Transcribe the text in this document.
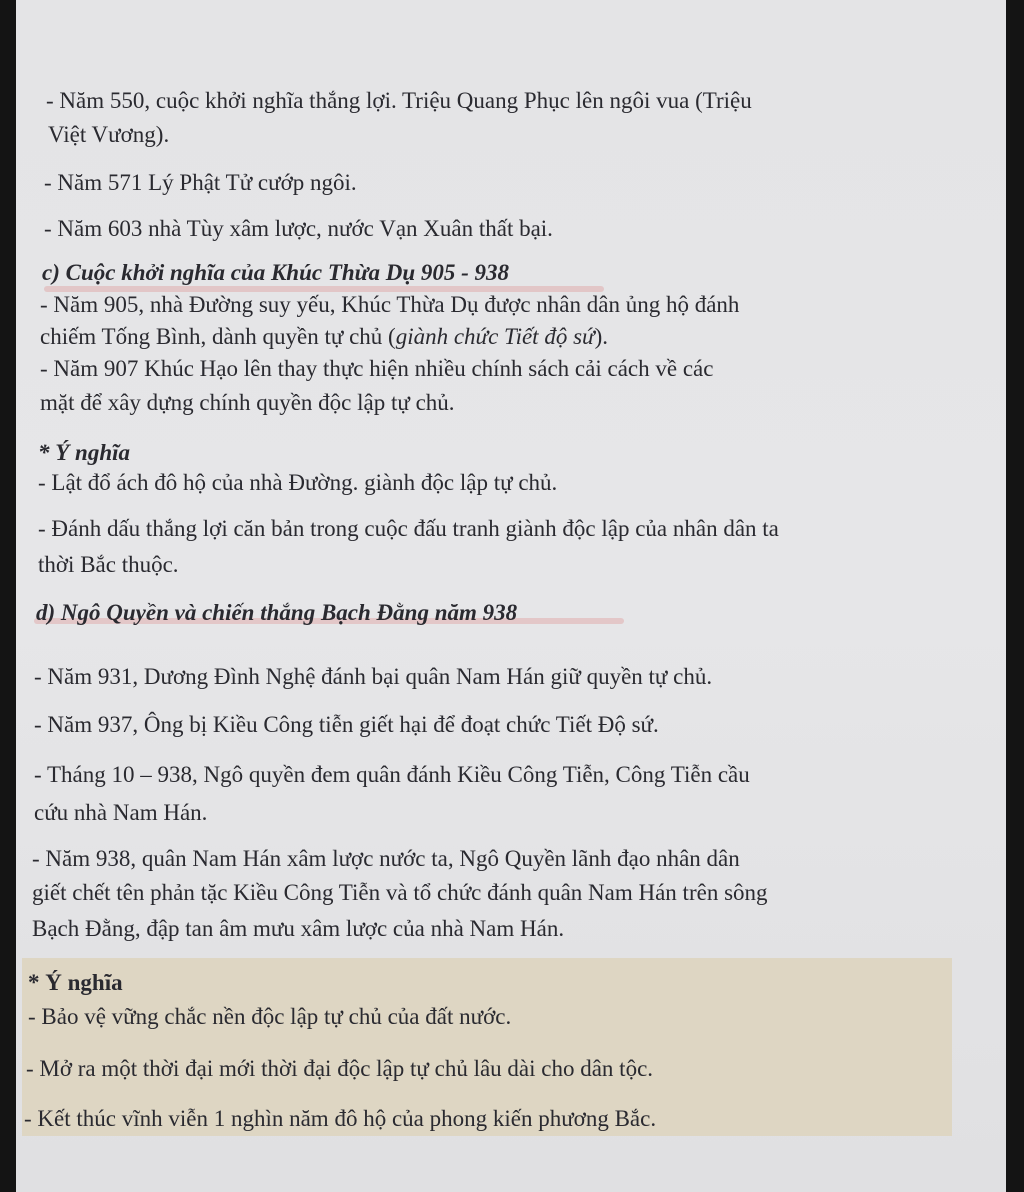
- Năm 550, cuộc khởi nghĩa thắng lợi. Triệu Quang Phục lên ngôi vua (Triệu
Việt Vương).
- Năm 571 Lý Phật Tử cướp ngôi.
- Năm 603 nhà Tùy xâm lược, nước Vạn Xuân thất bại.
c) Cuộc khởi nghĩa của Khúc Thừa Dụ 905 - 938
- Năm 905, nhà Đường suy yếu, Khúc Thừa Dụ được nhân dân ủng hộ đánh
chiếm Tống Bình, dành quyền tự chủ (giành chức Tiết độ sứ).
- Năm 907 Khúc Hạo lên thay thực hiện nhiều chính sách cải cách về các
mặt để xây dựng chính quyền độc lập tự chủ.
* Ý nghĩa
- Lật đổ ách đô hộ của nhà Đường. giành độc lập tự chủ.
- Đánh dấu thắng lợi căn bản trong cuộc đấu tranh giành độc lập của nhân dân ta
thời Bắc thuộc.
d) Ngô Quyền và chiến thắng Bạch Đằng năm 938
- Năm 931, Dương Đình Nghệ đánh bại quân Nam Hán giữ quyền tự chủ.
- Năm 937, Ông bị Kiều Công tiễn giết hại để đoạt chức Tiết Độ sứ.
- Tháng 10 – 938, Ngô quyền đem quân đánh Kiều Công Tiễn, Công Tiễn cầu
cứu nhà Nam Hán.
- Năm 938, quân Nam Hán xâm lược nước ta, Ngô Quyền lãnh đạo nhân dân
giết chết tên phản tặc Kiều Công Tiễn và tổ chức đánh quân Nam Hán trên sông
Bạch Đằng, đập tan âm mưu xâm lược của nhà Nam Hán.
* Ý nghĩa
- Bảo vệ vững chắc nền độc lập tự chủ của đất nước.
- Mở ra một thời đại mới thời đại độc lập tự chủ lâu dài cho dân tộc.
- Kết thúc vĩnh viễn 1 nghìn năm đô hộ của phong kiến phương Bắc.
